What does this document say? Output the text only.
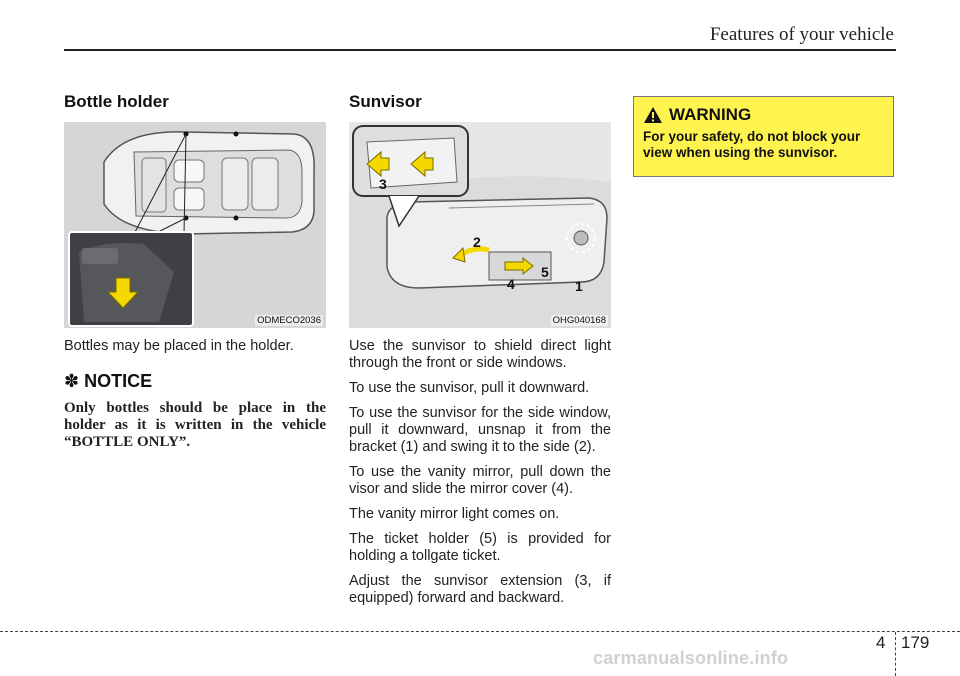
Features of your vehicle
Bottle holder
ODMECO2036

Bottles may be placed in the holder.

✽ NOTICE

Only bottles should be place in the holder as it is written in the vehicle “BOTTLE ONLY”.

Sunvisor
1
2
3
4
5
OHG040168

Use the sunvisor to shield direct light through the front or side windows.

To use the sunvisor, pull it downward.

To use the sunvisor for the side window, pull it downward, unsnap it from the bracket (1) and swing it to the side (2).

To use the vanity mirror, pull down the visor and slide the mirror cover (4).

The vanity mirror light comes on.

The ticket holder (5) is provided for holding a tollgate ticket.

Adjust the sunvisor extension (3, if equipped) forward and backward.

WARNING
For your safety, do not block your view when using the sunvisor.
4 179
carmanualsonline.info
